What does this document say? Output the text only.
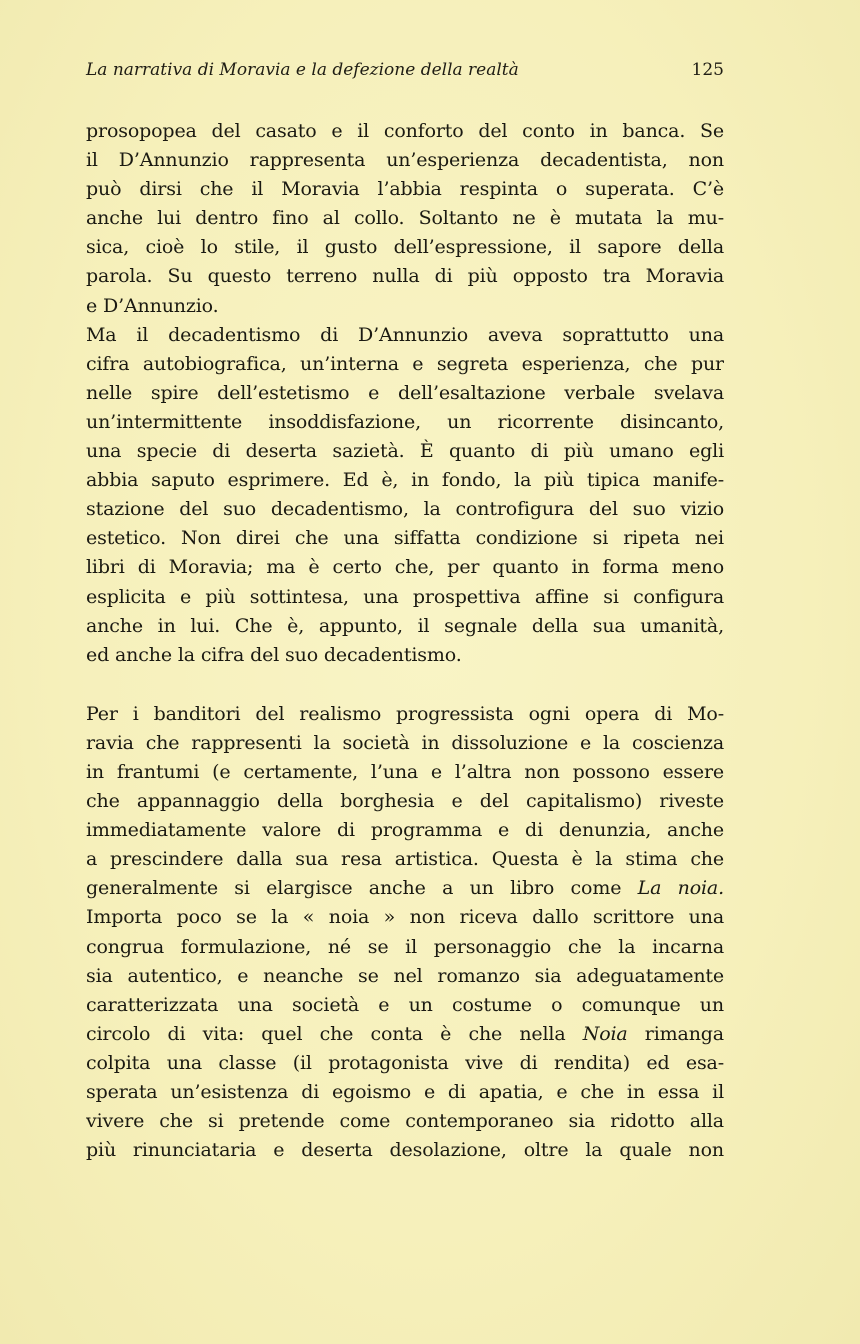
La narrativa di Moravia e la defezione della realtà	125
prosopopea del casato e il conforto del conto in banca. Se
il D’Annunzio rappresenta un’esperienza decadentista, non
può dirsi che il Moravia l’abbia respinta o superata. C’è
anche lui dentro fino al collo. Soltanto ne è mutata la mu-
sica, cioè lo stile, il gusto dell’espressione, il sapore della
parola. Su questo terreno nulla di più opposto tra Moravia
e D’Annunzio.
Ma il decadentismo di D’Annunzio aveva soprattutto una
cifra autobiografica, un’interna e segreta esperienza, che pur
nelle spire dell’estetismo e dell’esaltazione verbale svelava
un’intermittente insoddisfazione, un ricorrente disincanto,
una specie di deserta sazietà. È quanto di più umano egli
abbia saputo esprimere. Ed è, in fondo, la più tipica manife-
stazione del suo decadentismo, la controfigura del suo vizio
estetico. Non direi che una siffatta condizione si ripeta nei
libri di Moravia; ma è certo che, per quanto in forma meno
esplicita e più sottintesa, una prospettiva affine si configura
anche in lui. Che è, appunto, il segnale della sua umanità,
ed anche la cifra del suo decadentismo.
Per i banditori del realismo progressista ogni opera di Mo-
ravia che rappresenti la società in dissoluzione e la coscienza
in frantumi (e certamente, l’una e l’altra non possono essere
che appannaggio della borghesia e del capitalismo) riveste
immediatamente valore di programma e di denunzia, anche
a prescindere dalla sua resa artistica. Questa è la stima che
generalmente si elargisce anche a un libro come La noia.
Importa poco se la « noia » non riceva dallo scrittore una
congrua formulazione, né se il personaggio che la incarna
sia autentico, e neanche se nel romanzo sia adeguatamente
caratterizzata una società e un costume o comunque un
circolo di vita: quel che conta è che nella Noia rimanga
colpita una classe (il protagonista vive di rendita) ed esa-
sperata un’esistenza di egoismo e di apatia, e che in essa il
vivere che si pretende come contemporaneo sia ridotto alla
più rinunciataria e deserta desolazione, oltre la quale non
